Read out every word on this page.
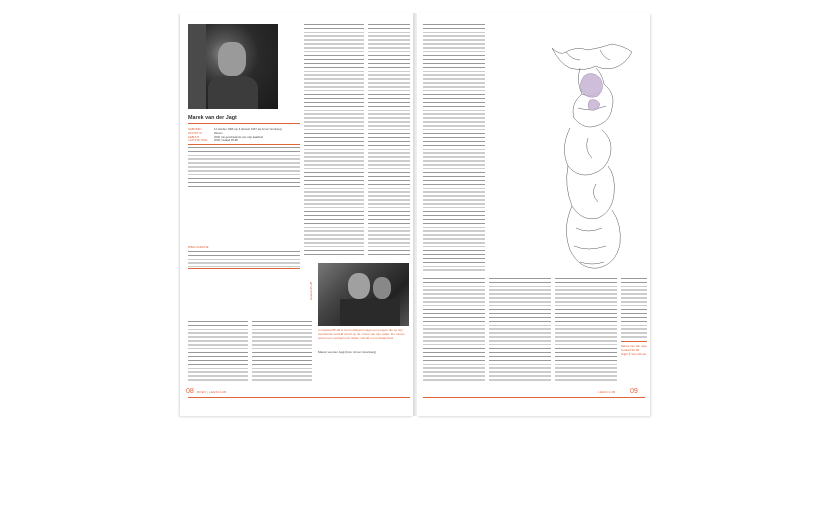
Marek van der Jagt
GEBOREN	12 oktober 1996 (op 6 februari 1967 als Arnon Grunberg)
WOONT IN	Wenen
DEBUUT	2000, De geschiedenis van mijn kaalheid
LAATSTE TITEL	2006, Gstaad 95-98
BIBLIOGRAFIE
Gstaad 95-98
In Gstaad 95-98 is het hoofdpersonage een jongen die op zijn veertiende verliefd wordt op de vrouw van zijn vader. De roman vertelt een verhaal over liefde, schuld en eenzaamheid.
Marek van der Jagt (foto: Arnon Grunberg)
08 BOEK | LEESCLUB
Marek van der Jagt
Gstaad 95-98
Nijgh & Van Ditmar
LEESCLUB 09
